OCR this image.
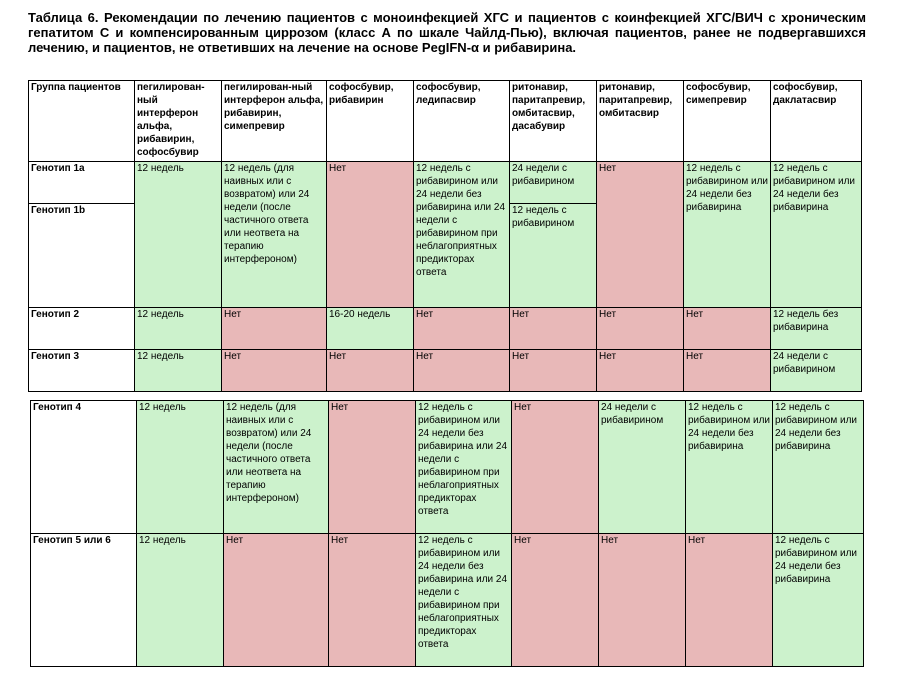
Таблица 6. Рекомендации по лечению пациентов с моноинфекцией ХГС и пациентов с коинфекцией ХГС/ВИЧ с хроническим гепатитом С и компенсированным циррозом (класс А по шкале Чайлд-Пью), включая пациентов, ранее не подвергавшихся лечению, и пациентов, не ответивших на лечение на основе PegIFN-α и рибавирина.
Группа пациентов	пегилирован-ный интерферон альфа, рибавирин, софосбувир	пегилирован-ный интерферон альфа, рибавирин, симепревир	софосбувир, рибавирин	софосбувир, ледипасвир	ритонавир, паритапревир, омбитасвир, дасабувир	ритонавир, паритапревир, омбитасвир	софосбувир, симепревир	софосбувир, даклатасвир
Генотип 1a	12 недель	12 недель (для наивных или с возвратом) или 24 недели (после частичного ответа или неответа на терапию интерфероном)	Нет	12 недель с рибавирином или 24 недели без рибавирина или 24 недели с рибавирином при неблагоприятных предикторах ответа	24 недели с рибавирином	Нет	12 недель с рибавирином или 24 недели без рибавирина	12 недель с рибавирином или 24 недели без рибавирина
Генотип 1b					12 недель с рибавирином			
Генотип 2	12 недель	Нет	16-20 недель	Нет	Нет	Нет	Нет	12 недель без рибавирина
Генотип 3	12 недель	Нет	Нет	Нет	Нет	Нет	Нет	24 недели с рибавирином
Генотип 4	12 недель	12 недель (для наивных или с возвратом) или 24 недели (после частичного ответа или неответа на терапию интерфероном)	Нет	12 недель с рибавирином или 24 недели без рибавирина или 24 недели с рибавирином при неблагоприятных предикторах ответа	Нет	24 недели с рибавирином	12 недель с рибавирином или 24 недели без рибавирина	12 недель с рибавирином или 24 недели без рибавирина
Генотип 5 или 6	12 недель	Нет	Нет	12 недель с рибавирином или 24 недели без рибавирина или 24 недели с рибавирином при неблагоприятных предикторах ответа	Нет	Нет	Нет	12 недель с рибавирином или 24 недели без рибавирина
